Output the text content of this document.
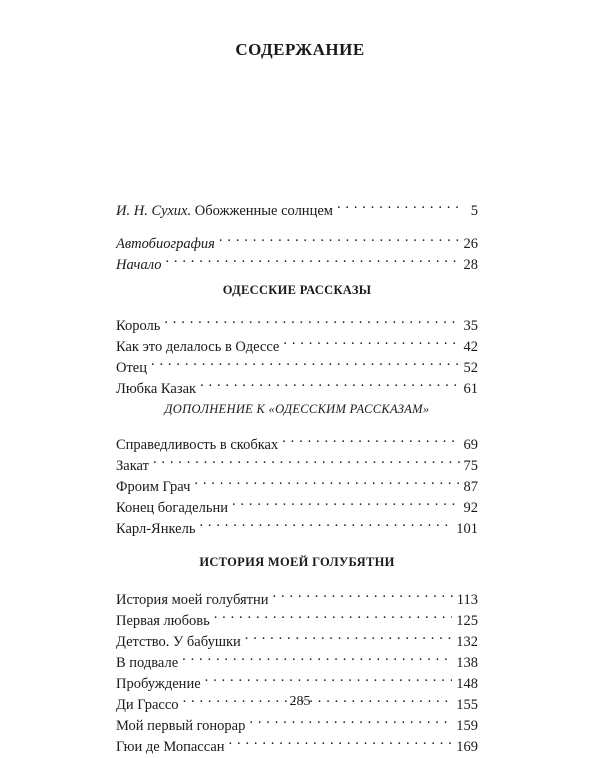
СОДЕРЖАНИЕ
И. Н. Сухих. Обожженные солнцем . . .	5
Автобиография . . .	26
Начало . . .	28
ОДЕССКИЕ РАССКАЗЫ
Король . . .	35
Как это делалось в Одессе . . .	42
Отец . . .	52
Любка Казак . . .	61
ДОПОЛНЕНИЕ К «ОДЕССКИМ РАССКАЗАМ»
Справедливость в скобках . . .	69
Закат . . .	75
Фроим Грач . . .	87
Конец богадельни . . .	92
Карл-Янкель . . .	101
ИСТОРИЯ МОЕЙ ГОЛУБЯТНИ
История моей голубятни . . .	113
Первая любовь . . .	125
Детство. У бабушки . . .	132
В подвале . . .	138
Пробуждение . . .	148
Ди Грассо . . .	155
Мой первый гонорар . . .	159
Гюи де Мопассан . . .	169
285
